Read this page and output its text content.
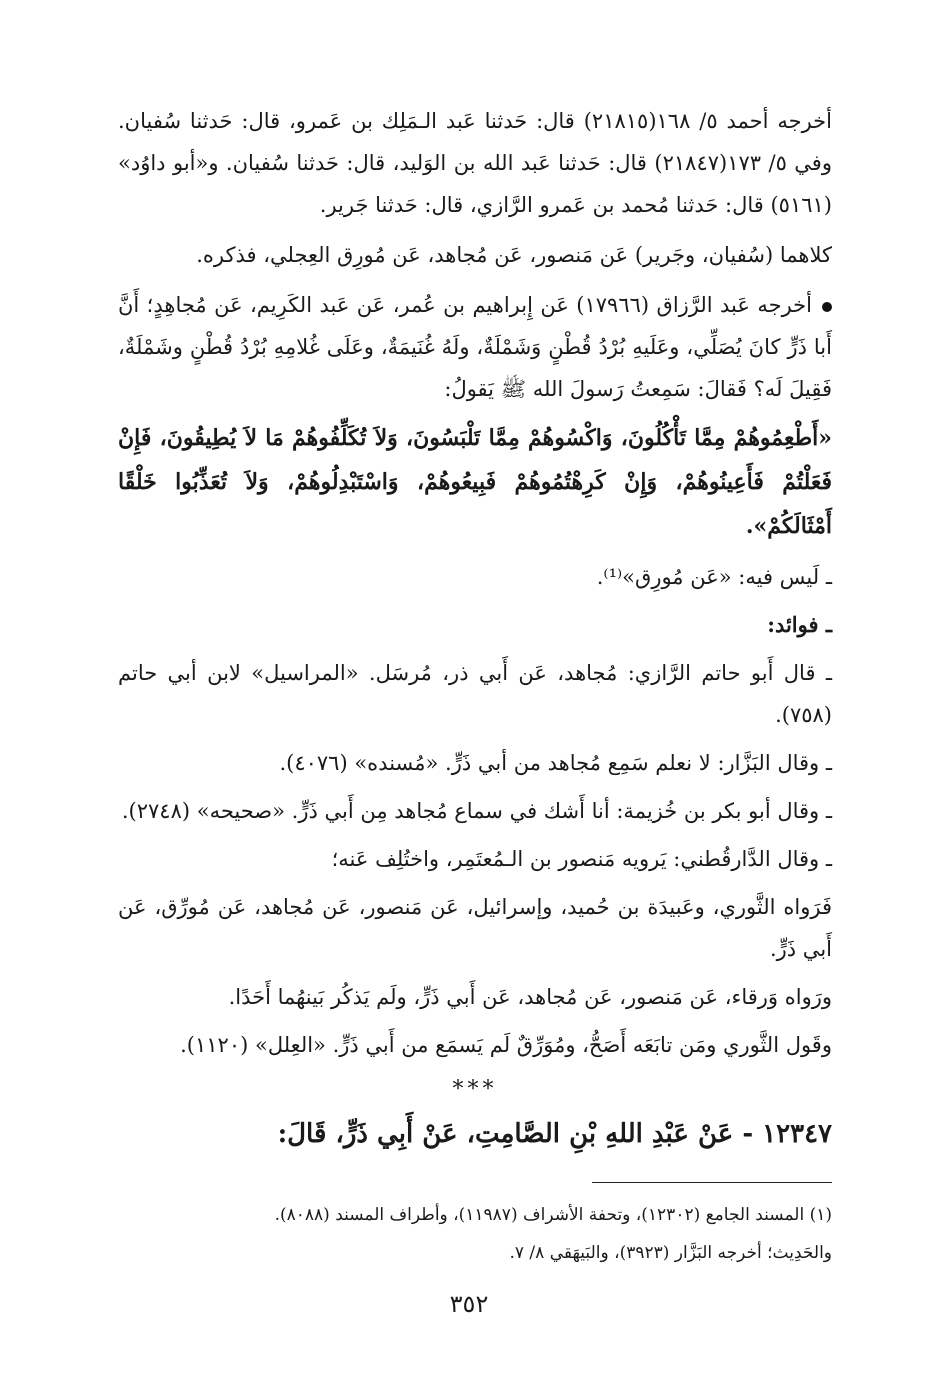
أخرجه أحمد ٥/ ١٦٨(٢١٨١٥) قال: حَدثنا عَبد الـمَلِك بن عَمرو، قال: حَدثنا سُفيان. وفي ٥/ ١٧٣(٢١٨٤٧) قال: حَدثنا عَبد الله بن الوَليد، قال: حَدثنا سُفيان. و«أبو داوُد» (٥١٦١) قال: حَدثنا مُحمد بن عَمرو الرَّازي، قال: حَدثنا جَرير.

كلاهما (سُفيان، وجَرير) عَن مَنصور، عَن مُجاهد، عَن مُورِق العِجلي، فذكره.

أخرجه عَبد الرَّزاق (١٧٩٦٦) عَن إِبراهيم بن عُمر، عَن عَبد الكَرِيم، عَن مُجاهِدٍ؛ أَنَّ أَبا ذَرٍّ كانَ يُصَلِّي، وعَلَيهِ بُرْدُ قُطْنٍ وَشَمْلَةٌ، ولَهُ غُنَيمَةٌ، وعَلَى غُلامِهِ بُرْدُ قُطْنٍ وشَمْلَةٌ، فَقِيلَ لَه؟ فَقالَ: سَمِعتُ رَسولَ الله ﷺ يَقولُ:

«أَطْعِمُوهُمْ مِمَّا تَأْكُلُونَ، وَاكْسُوهُمْ مِمَّا تَلْبَسُونَ، وَلاَ تُكَلِّفُوهُمْ مَا لاَ يُطِيقُونَ، فَإِنْ فَعَلْتُمْ فَأَعِينُوهُمْ، وَإِنْ كَرِهْتُمُوهُمْ فَبِيعُوهُمْ، وَاسْتَبْدِلُوهُمْ، وَلاَ تُعَذِّبُوا خَلْقًا أَمْثَالَكُمْ».

ـ لَيس فيه: «عَن مُورِق»⁽¹⁾.

ـ فوائد:

ـ قال أَبو حاتم الرَّازي: مُجاهد، عَن أَبي ذر، مُرسَل. «المراسيل» لابن أبي حاتم (٧٥٨).

ـ وقال البَزَّار: لا نعلم سَمِع مُجاهد من أبي ذَرٍّ. «مُسنده» (٤٠٧٦).

ـ وقال أبو بكر بن خُزيمة: أنا أَشك في سماع مُجاهد مِن أَبي ذَرٍّ. «صحيحه» (٢٧٤٨).

ـ وقال الدَّارقُطني: يَرويه مَنصور بن الـمُعتَمِر، واختُلِف عَنه؛

فَرَواه الثَّوري، وعَبيدَة بن حُميد، وإسرائيل، عَن مَنصور، عَن مُجاهد، عَن مُورِّق، عَن أَبي ذَرٍّ.

ورَواه وَرقاء، عَن مَنصور، عَن مُجاهد، عَن أَبي ذَرٍّ، ولَم يَذكُر بَينهُما أَحَدًا.

وقَول الثَّوري ومَن تابَعَه أَصَحُّ، ومُوَرِّقٌ لَم يَسمَع من أَبي ذَرٍّ. «العِلل» (١١٢٠).

***

١٢٣٤٧ - عَنْ عَبْدِ اللهِ بْنِ الصَّامِتِ، عَنْ أَبِي ذَرٍّ، قَالَ:

(١) المسند الجامع (١٢٣٠٢)، وتحفة الأشراف (١١٩٨٧)، وأطراف المسند (٨٠٨٨).

والحَدِيث؛ أخرجه البَزَّار (٣٩٢٣)، والبَيهَقي ٨/ ٧.

٣٥٢
